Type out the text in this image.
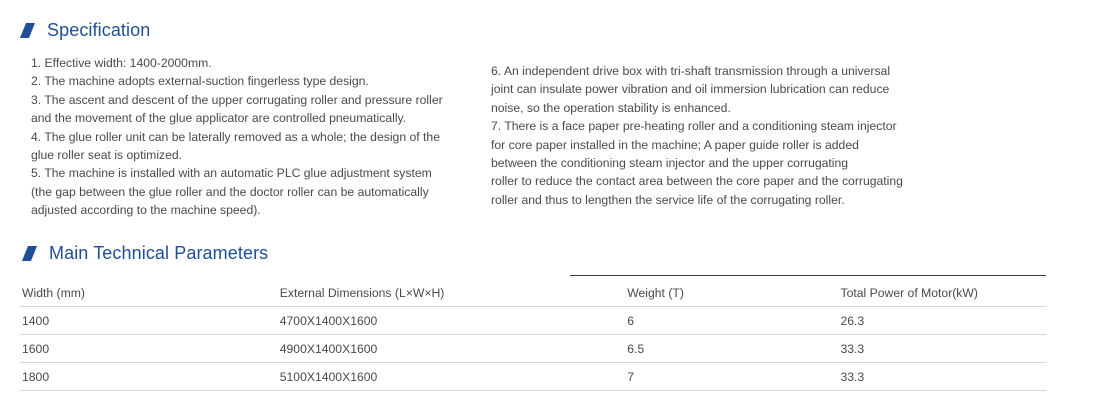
Specification

1. Effective width: 1400-2000mm.

2. The machine adopts external-suction fingerless type design.

3. The ascent and descent of the upper corrugating roller and pressure roller

and the movement of the glue applicator are controlled pneumatically.

4. The glue roller unit can be laterally removed as a whole; the design of the

glue roller seat is optimized.

5. The machine is installed with an automatic PLC glue adjustment system

(the gap between the glue roller and the doctor roller can be automatically

adjusted according to the machine speed).

6. An independent drive box with tri-shaft transmission through a universal

joint can insulate power vibration and oil immersion lubrication can reduce

noise, so the operation stability is enhanced.

7. There is a face paper pre-heating roller and a conditioning steam injector

for core paper installed in the machine; A paper guide roller is added

between the conditioning steam injector and the upper corrugating

roller to reduce the contact area between the core paper and the corrugating

roller and thus to lengthen the service life of the corrugating roller.

Main Technical Parameters
Width (mm)	External Dimensions (L×W×H)	Weight (T)	Total Power of Motor(kW)
1400	4700X1400X1600	6	26.3
1600	4900X1400X1600	6.5	33.3
1800	5100X1400X1600	7	33.3
